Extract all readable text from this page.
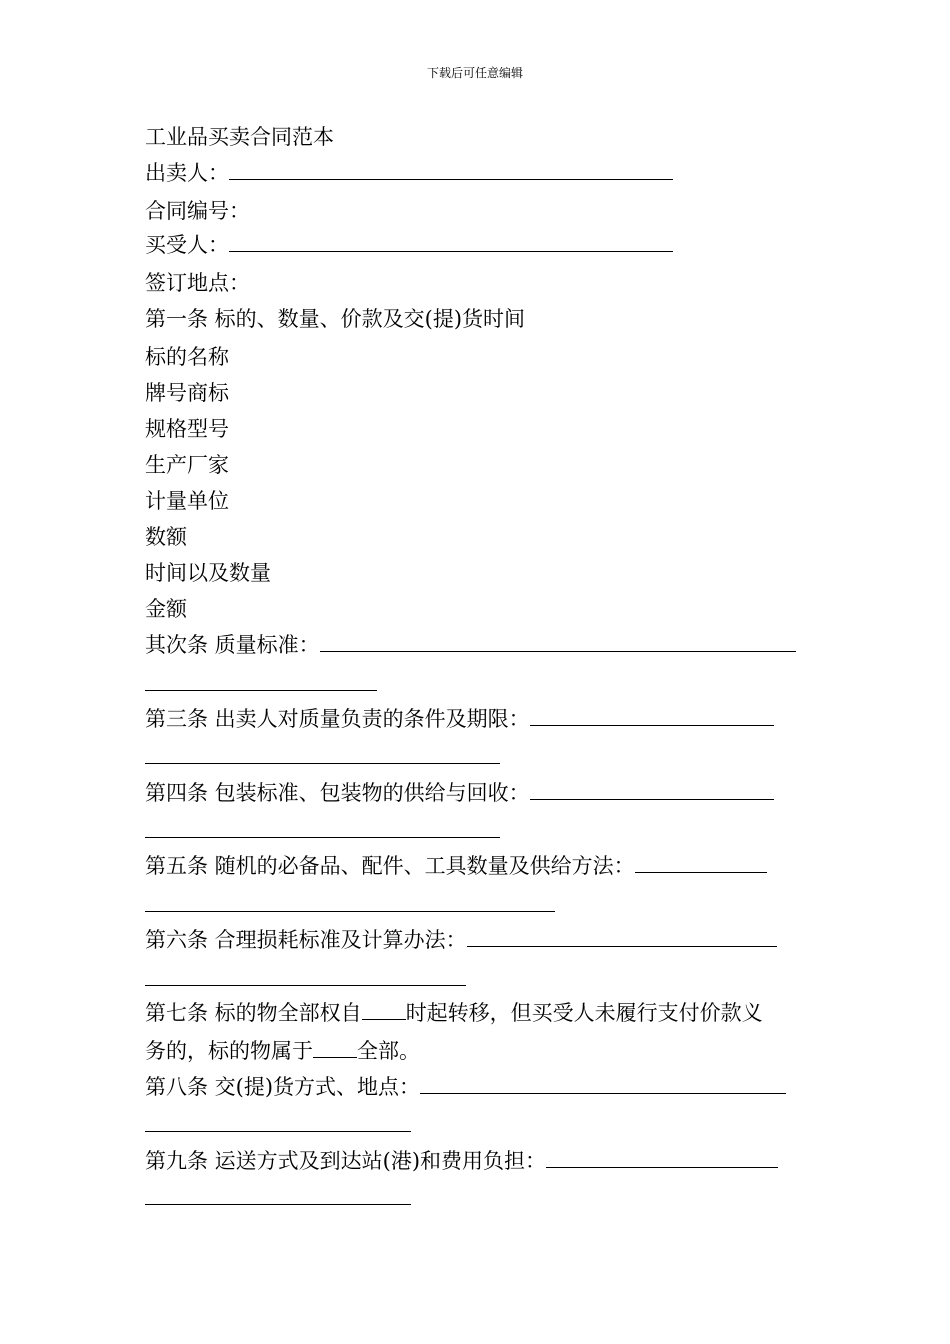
下载后可任意编辑
工业品买卖合同范本
出卖人：
合同编号：
买受人：
签订地点：
第一条 标的、数量、价款及交(提)货时间
标的名称
牌号商标
规格型号
生产厂家
计量单位
数额
时间以及数量
金额
其次条 质量标准：
第三条 出卖人对质量负责的条件及期限：
第四条 包装标准、包装物的供给与回收：
第五条 随机的必备品、配件、工具数量及供给方法：
第六条 合理损耗标准及计算办法：
第七条 标的物全部权自 时起转移，但买受人未履行支付价款义
务的，标的物属于 全部。
第八条 交(提)货方式、地点：
第九条 运送方式及到达站(港)和费用负担：
